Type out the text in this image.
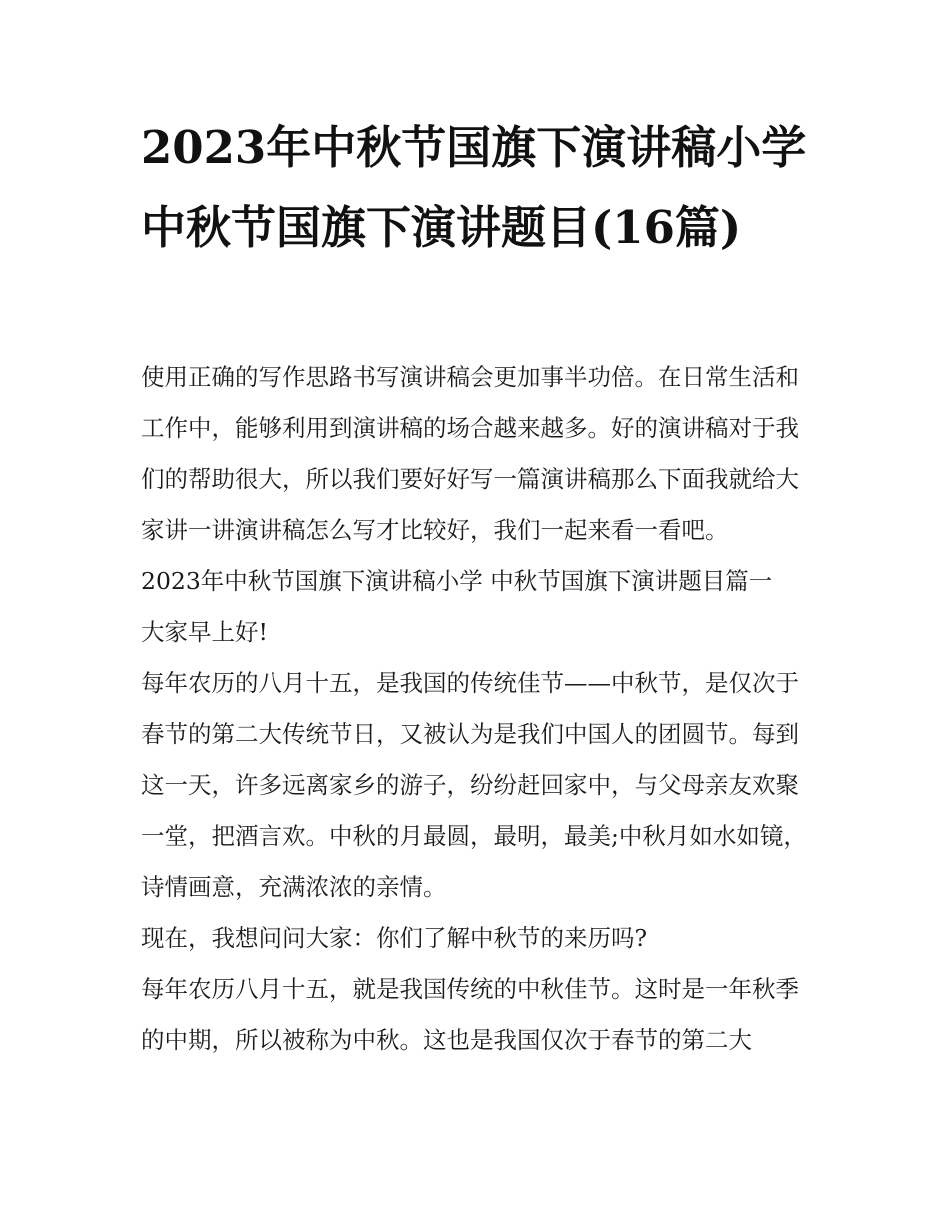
2023年中秋节国旗下演讲稿小学 中秋节国旗下演讲题目(16篇)

使用正确的写作思路书写演讲稿会更加事半功倍。在日常生活和工作中，能够利用到演讲稿的场合越来越多。好的演讲稿对于我们的帮助很大，所以我们要好好写一篇演讲稿那么下面我就给大家讲一讲演讲稿怎么写才比较好，我们一起来看一看吧。

2023年中秋节国旗下演讲稿小学 中秋节国旗下演讲题目篇一

大家早上好!

每年农历的八月十五，是我国的传统佳节——中秋节，是仅次于春节的第二大传统节日，又被认为是我们中国人的团圆节。每到这一天，许多远离家乡的游子，纷纷赶回家中，与父母亲友欢聚一堂，把酒言欢。中秋的月最圆，最明，最美;中秋月如水如镜，诗情画意，充满浓浓的亲情。

现在，我想问问大家：你们了解中秋节的来历吗?

每年农历八月十五，就是我国传统的中秋佳节。这时是一年秋季的中期，所以被称为中秋。这也是我国仅次于春节的第二大
